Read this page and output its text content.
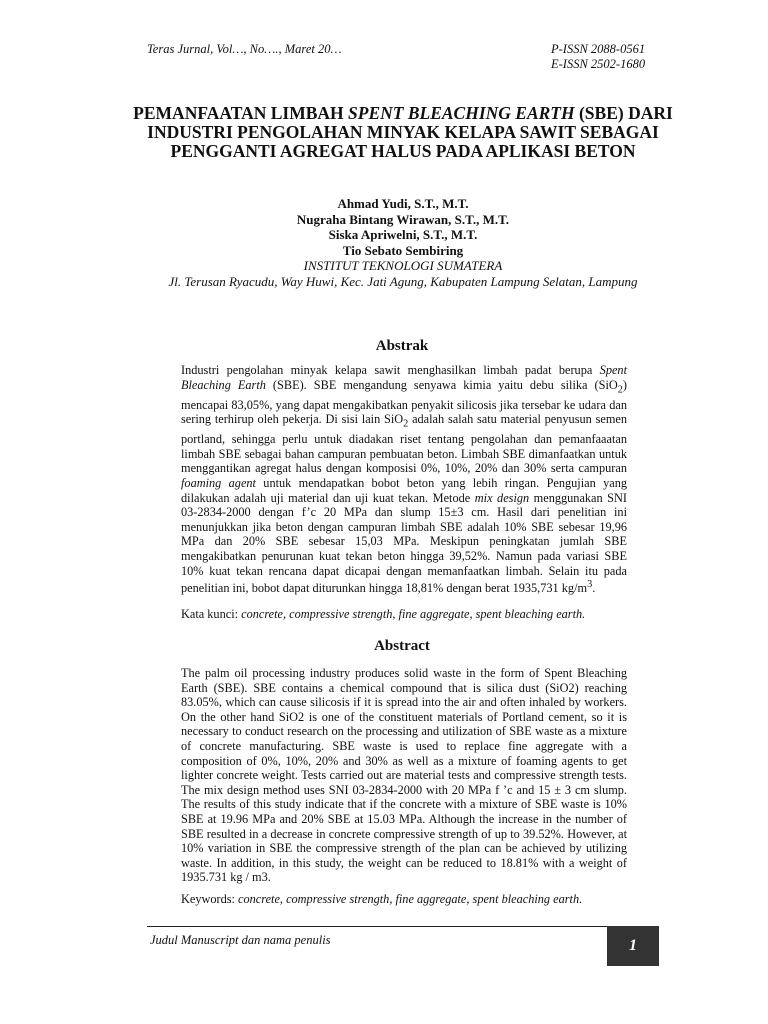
Teras Jurnal, Vol…, No…., Maret 20…	P-ISSN 2088-0561
E-ISSN 2502-1680
PEMANFAATAN LIMBAH SPENT BLEACHING EARTH (SBE) DARI INDUSTRI PENGOLAHAN MINYAK KELAPA SAWIT SEBAGAI PENGGANTI AGREGAT HALUS PADA APLIKASI BETON
Ahmad Yudi, S.T., M.T.
Nugraha Bintang Wirawan, S.T., M.T.
Siska Apriwelni, S.T., M.T.
Tio Sebato Sembiring
INSTITUT TEKNOLOGI SUMATERA
Jl. Terusan Ryacudu, Way Huwi, Kec. Jati Agung, Kabupaten Lampung Selatan, Lampung
Abstrak
Industri pengolahan minyak kelapa sawit menghasilkan limbah padat berupa Spent Bleaching Earth (SBE). SBE mengandung senyawa kimia yaitu debu silika (SiO$_2$) mencapai 83,05%, yang dapat mengakibatkan penyakit silicosis jika tersebar ke udara dan sering terhirup oleh pekerja. Di sisi lain SiO$_2$ adalah salah satu material penyusun semen portland, sehingga perlu untuk diadakan riset tentang pengolahan dan pemanfaaatan limbah SBE sebagai bahan campuran pembuatan beton. Limbah SBE dimanfaatkan untuk menggantikan agregat halus dengan komposisi 0%, 10%, 20% dan 30% serta campuran foaming agent untuk mendapatkan bobot beton yang lebih ringan. Pengujian yang dilakukan adalah uji material dan uji kuat tekan. Metode mix design menggunakan SNI 03-2834-2000 dengan f’c 20 MPa dan slump 15±3 cm. Hasil dari penelitian ini menunjukkan jika beton dengan campuran limbah SBE adalah 10% SBE sebesar 19,96 MPa dan 20% SBE sebesar 15,03 MPa. Meskipun peningkatan jumlah SBE mengakibatkan penurunan kuat tekan beton hingga 39,52%. Namun pada variasi SBE 10% kuat tekan rencana dapat dicapai dengan memanfaatkan limbah. Selain itu pada penelitian ini, bobot dapat diturunkan hingga 18,81% dengan berat 1935,731 $kg/m^3$.
Kata kunci: concrete, compressive strength, fine aggregate, spent bleaching earth.
Abstract
The palm oil processing industry produces solid waste in the form of Spent Bleaching Earth (SBE). SBE contains a chemical compound that is silica dust (SiO2) reaching 83.05%, which can cause silicosis if it is spread into the air and often inhaled by workers. On the other hand SiO2 is one of the constituent materials of Portland cement, so it is necessary to conduct research on the processing and utilization of SBE waste as a mixture of concrete manufacturing. SBE waste is used to replace fine aggregate with a composition of 0%, 10%, 20% and 30% as well as a mixture of foaming agents to get lighter concrete weight. Tests carried out are material tests and compressive strength tests. The mix design method uses SNI 03-2834-2000 with 20 MPa f ’c and 15 ± 3 cm slump. The results of this study indicate that if the concrete with a mixture of SBE waste is 10% SBE at 19.96 MPa and 20% SBE at 15.03 MPa. Although the increase in the number of SBE resulted in a decrease in concrete compressive strength of up to 39.52%. However, at 10% variation in SBE the compressive strength of the plan can be achieved by utilizing waste. In addition, in this study, the weight can be reduced to 18.81% with a weight of 1935.731 kg / m3.
Keywords: concrete, compressive strength, fine aggregate, spent bleaching earth.
Judul Manuscript dan nama penulis	1
